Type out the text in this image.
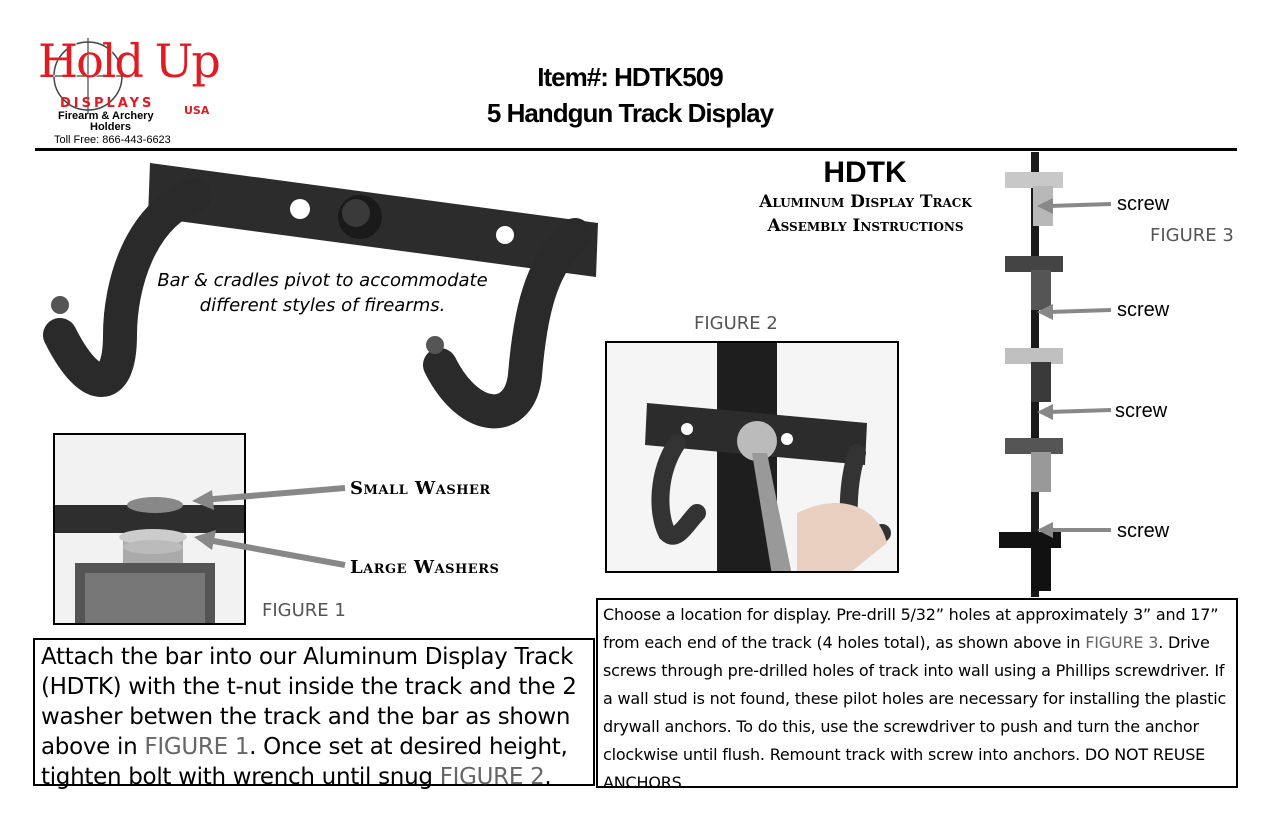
Hold Up
DISPLAYS	USA
Firearm & Archery
Holders
Toll Free: 866-443-6623
Item#: HDTK509
5 Handgun Track Display
Bar & cradles pivot to accommodate
different styles of firearms.
Small Washer
Large Washers
FIGURE 1
FIGURE 2
HDTK
Aluminum Display Track
Assembly Instructions
screw
screw
screw
screw
FIGURE 3
Attach the bar into our Aluminum Display Track (HDTK) with the t-nut inside the track and the 2 washer betwen the track and the bar as shown above in FIGURE 1. Once set at desired height, tighten bolt with wrench until snug FIGURE 2.
Choose a location for display. Pre-drill 5/32” holes at approximately 3” and 17” from each end of the track (4 holes total), as shown above in FIGURE 3. Drive screws through pre-drilled holes of track into wall using a Phillips screwdriver. If a wall stud is not found, these pilot holes are necessary for installing the plastic drywall anchors. To do this, use the screwdriver to push and turn the anchor clockwise until flush. Remount track with screw into anchors. DO NOT REUSE ANCHORS.
